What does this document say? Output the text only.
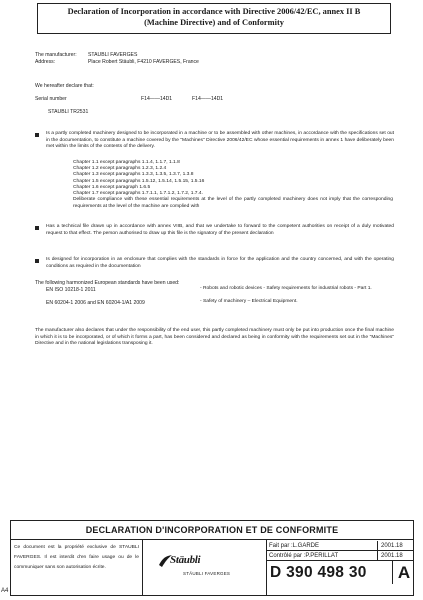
Declaration of Incorporation in accordance with Directive 2006/42/EC, annex II B
(Machine Directive) and of Conformity
The manufacturer: STAUBLI FAVERGES
Address:	Place Robert Stäubli, F4210 FAVERGES, France
We hereafter declare that:
Serial number	F14——14D1	F14——14D1
STAUBLI TR2531
Is a partly completed machinery designed to be incorporated in a machine or to be assembled with other machines, in accordance with the specifications set out in the documentation, to constitute a machine covered by the "Machines" Directive 2006/42/EC whose essential requirements in annex 1 have deliberately been met within the limits of the contents of the delivery.
Chapter 1.1 except paragraphs 1.1.4, 1.1.7, 1.1.8
Chapter 1.2 except paragraphs 1.2.3, 1.2.4
Chapter 1.3 except paragraphs 1.3.3, 1.3.5, 1.3.7, 1.3.8
Chapter 1.5 except paragraphs 1.5.12, 1.5.14, 1.5.15, 1.5.16
Chapter 1.6 except paragraph 1.6.5
Chapter 1.7 except paragraphs 1.7.1.1, 1.7.1.2, 1.7.2, 1.7.4.
Deliberate compliance with these essential requirements at the level of the partly completed machinery does not imply that the corresponding requirements at the level of the machine are complied with
Has a technical file drawn up in accordance with annex VIIB, and that we undertake to forward to the competent authorities on receipt of a duly motivated request to that effect. The person authorised to draw up this file is the signatory of the present declaration
Is designed for incorporation in an enclosure that complies with the standards in force for the application and the country concerned, and with the operating conditions as required in the documentation
The following harmonized European standards have been used:
EN ISO 10218-1 2011	- Robots and robotic devices - Safety requirements for industrial robots - Part 1.
EN 60204-1 2006 and EN 60204-1/A1 2009	- Safety of machinery – Electrical Equipment.
The manufacturer also declares that under the responsibility of the end user, this partly completed machinery must only be put into production once the final machine in which it is to be incorporated, or of which it forms a part, has been considered and declared as being in conformity with the requirements set out in the "Machines" Directive and in the national legislations transposing it.
DECLARATION D'INCORPORATION ET DE CONFORMITE
Ce document est la propriété exclusive de STAUBLI FAVERGES. Il est interdit d'en faire usage ou de le communiquer sans son autorisation écrite.
Stäubli
STÄUBLI FAVERGES
Fait par :L.GARDE	2001.18
Contrôlé par :P.PERILLAT	2001.18
D 390 498 30	A
A4
